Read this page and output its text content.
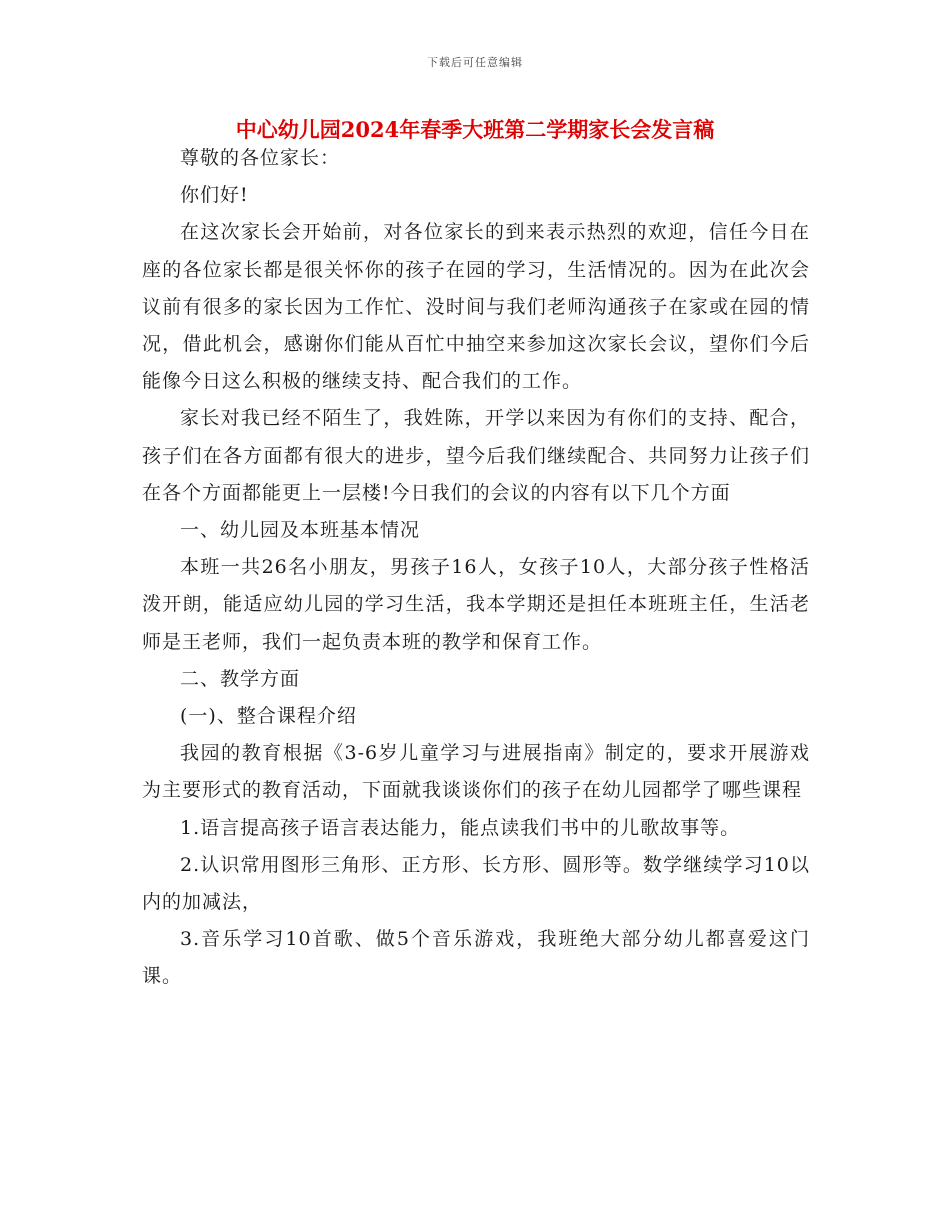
下载后可任意编辑
中心幼儿园2024年春季大班第二学期家长会发言稿

尊敬的各位家长：

你们好!

在这次家长会开始前，对各位家长的到来表示热烈的欢迎，信任今日在座的各位家长都是很关怀你的孩子在园的学习，生活情况的。因为在此次会议前有很多的家长因为工作忙、没时间与我们老师沟通孩子在家或在园的情况，借此机会，感谢你们能从百忙中抽空来参加这次家长会议，望你们今后能像今日这么积极的继续支持、配合我们的工作。

家长对我已经不陌生了，我姓陈，开学以来因为有你们的支持、配合，孩子们在各方面都有很大的进步，望今后我们继续配合、共同努力让孩子们在各个方面都能更上一层楼!今日我们的会议的内容有以下几个方面

一、幼儿园及本班基本情况

本班一共26名小朋友，男孩子16人，女孩子10人，大部分孩子性格活泼开朗，能适应幼儿园的学习生活，我本学期还是担任本班班主任，生活老师是王老师，我们一起负责本班的教学和保育工作。

二、教学方面

(一)、整合课程介绍

我园的教育根据《3-6岁儿童学习与进展指南》制定的，要求开展游戏为主要形式的教育活动，下面就我谈谈你们的孩子在幼儿园都学了哪些课程

1.语言提高孩子语言表达能力，能点读我们书中的儿歌故事等。

2.认识常用图形三角形、正方形、长方形、圆形等。数学继续学习10以内的加减法，

3.音乐学习10首歌、做5个音乐游戏，我班绝大部分幼儿都喜爱这门课。
